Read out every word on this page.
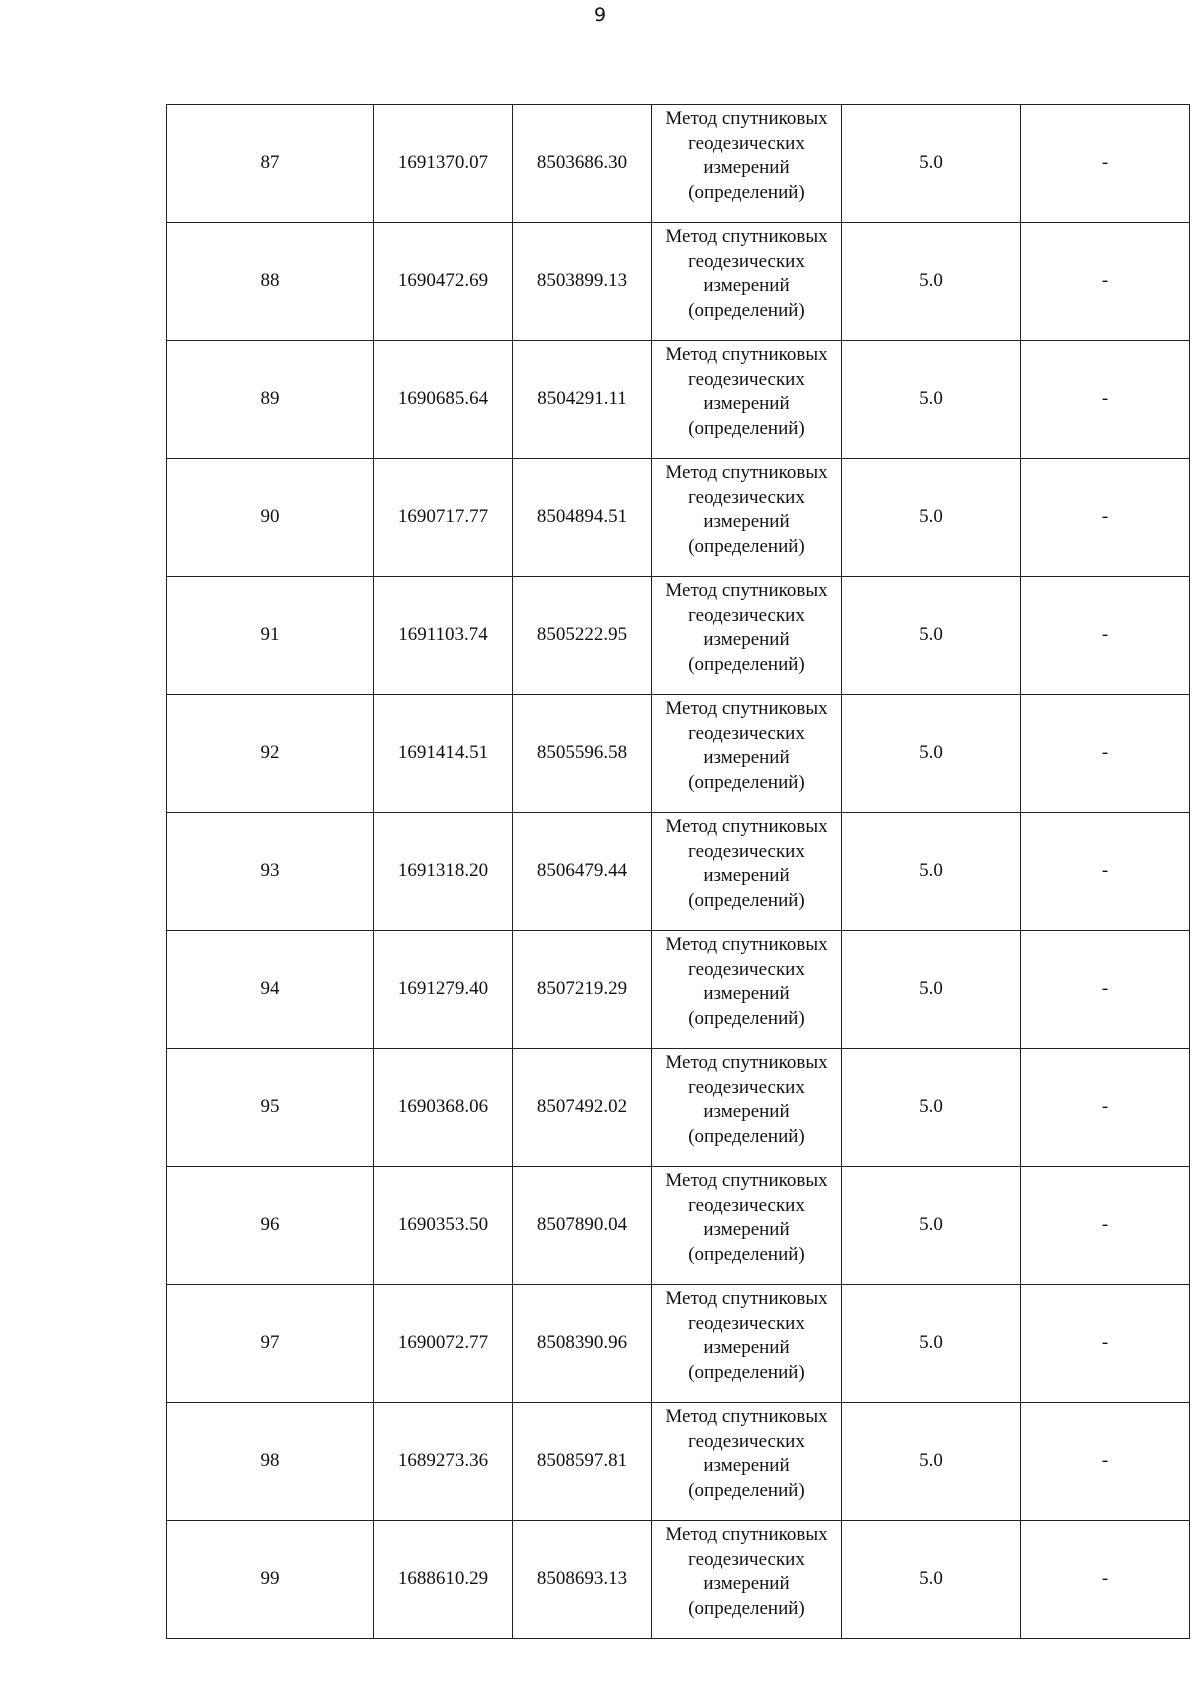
9
87	1691370.07	8503686.30	Метод спутниковых
геодезических
измерений
(определений)	5.0	-
88	1690472.69	8503899.13	Метод спутниковых
геодезических
измерений
(определений)	5.0	-
89	1690685.64	8504291.11	Метод спутниковых
геодезических
измерений
(определений)	5.0	-
90	1690717.77	8504894.51	Метод спутниковых
геодезических
измерений
(определений)	5.0	-
91	1691103.74	8505222.95	Метод спутниковых
геодезических
измерений
(определений)	5.0	-
92	1691414.51	8505596.58	Метод спутниковых
геодезических
измерений
(определений)	5.0	-
93	1691318.20	8506479.44	Метод спутниковых
геодезических
измерений
(определений)	5.0	-
94	1691279.40	8507219.29	Метод спутниковых
геодезических
измерений
(определений)	5.0	-
95	1690368.06	8507492.02	Метод спутниковых
геодезических
измерений
(определений)	5.0	-
96	1690353.50	8507890.04	Метод спутниковых
геодезических
измерений
(определений)	5.0	-
97	1690072.77	8508390.96	Метод спутниковых
геодезических
измерений
(определений)	5.0	-
98	1689273.36	8508597.81	Метод спутниковых
геодезических
измерений
(определений)	5.0	-
99	1688610.29	8508693.13	Метод спутниковых
геодезических
измерений
(определений)	5.0	-
